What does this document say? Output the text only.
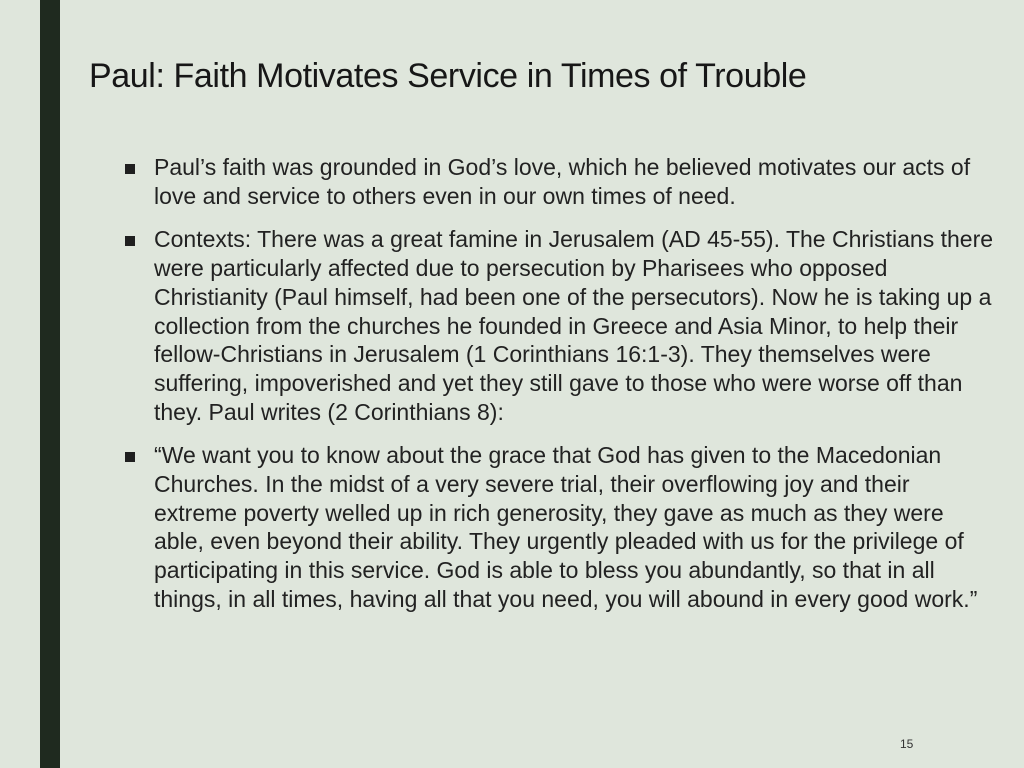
Paul: Faith Motivates Service in Times of Trouble
Paul’s faith was grounded in God’s love, which he believed motivates our acts of love and service to others even in our own times of need.
Contexts: There was a great famine in Jerusalem (AD 45-55). The Christians there were particularly affected due to persecution by Pharisees who opposed Christianity (Paul himself, had been one of the persecutors). Now he is taking up a collection from the churches he founded in Greece and Asia Minor, to help their fellow-Christians in Jerusalem (1 Corinthians 16:1-3). They themselves were suffering, impoverished and yet they still gave to those who were worse off than they. Paul writes (2 Corinthians 8):
“We want you to know about the grace that God has given to the Macedonian Churches. In the midst of a very severe trial, their overflowing joy and their extreme poverty welled up in rich generosity, they gave as much as they were able, even beyond their ability. They urgently pleaded with us for the privilege of participating in this service. God is able to bless you abundantly, so that in all things, in all times, having all that you need, you will abound in every good work.”
15
